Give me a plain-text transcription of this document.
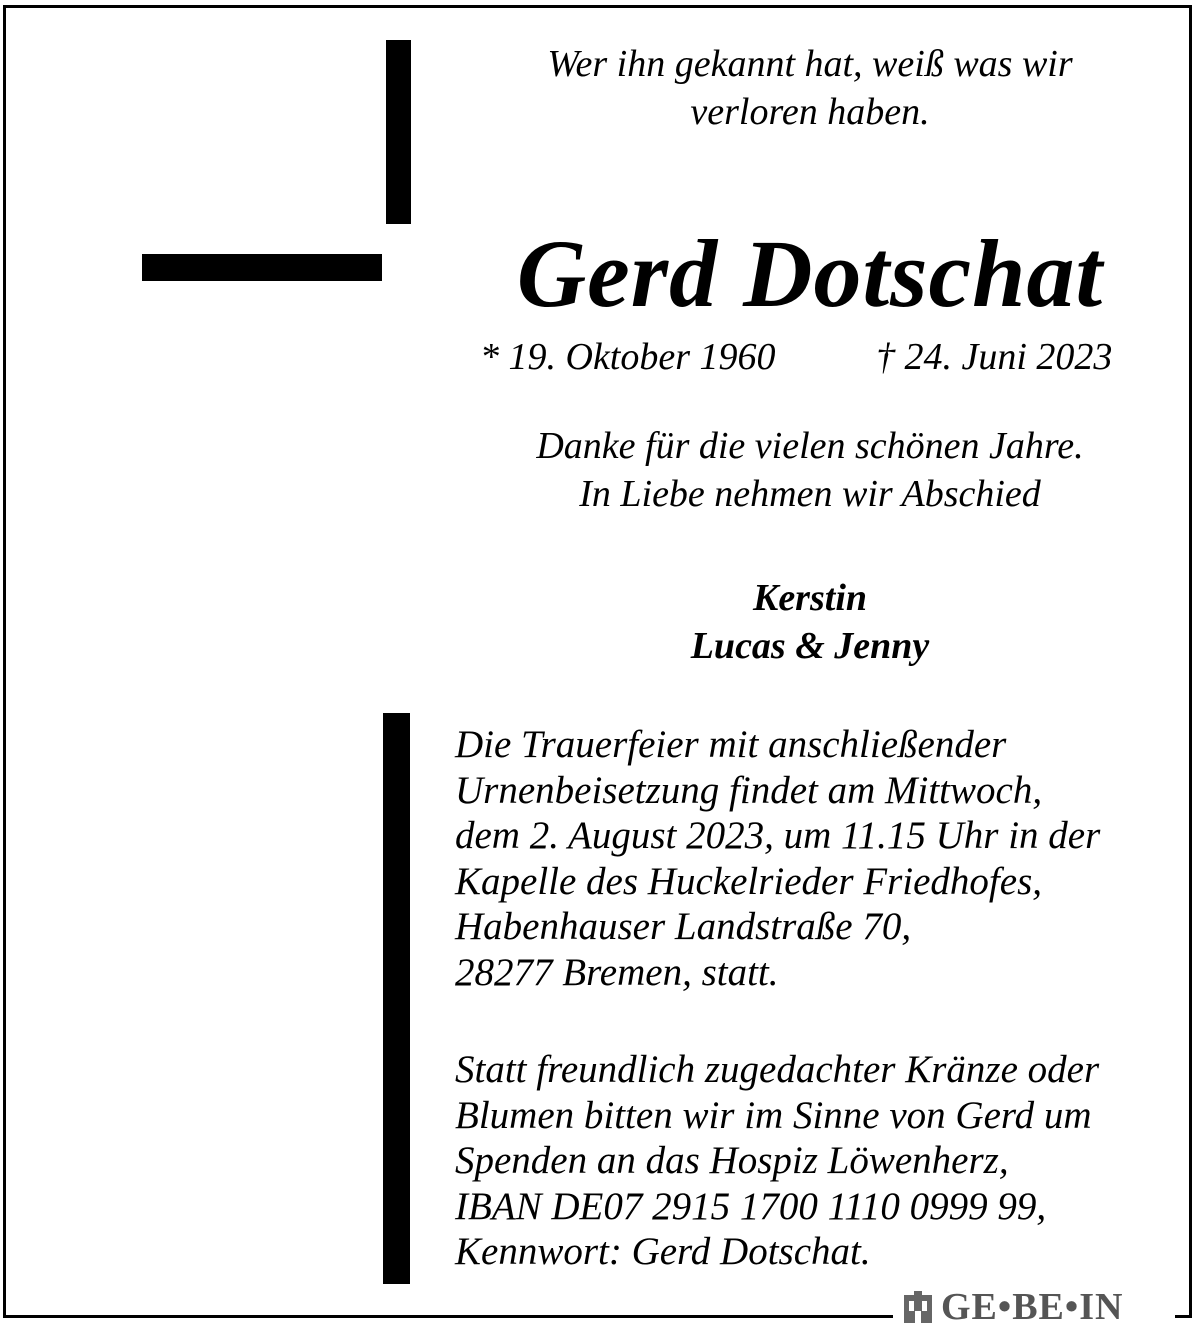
Wer ihn gekannt hat, weiß was wir
verloren haben.
Gerd Dotschat
* 19. Oktober 1960	† 24. Juni 2023
Danke für die vielen schönen Jahre.
In Liebe nehmen wir Abschied
Kerstin
Lucas & Jenny
Die Trauerfeier mit anschließender
Urnenbeisetzung findet am Mittwoch,
dem 2. August 2023, um 11.15 Uhr in der
Kapelle des Huckelrieder Friedhofes,
Habenhauser Landstraße 70,
28277 Bremen, statt.
Statt freundlich zugedachter Kränze oder
Blumen bitten wir im Sinne von Gerd um
Spenden an das Hospiz Löwenherz,
IBAN DE07 2915 1700 1110 0999 99,
Kennwort: Gerd Dotschat.
GE•BE•IN
